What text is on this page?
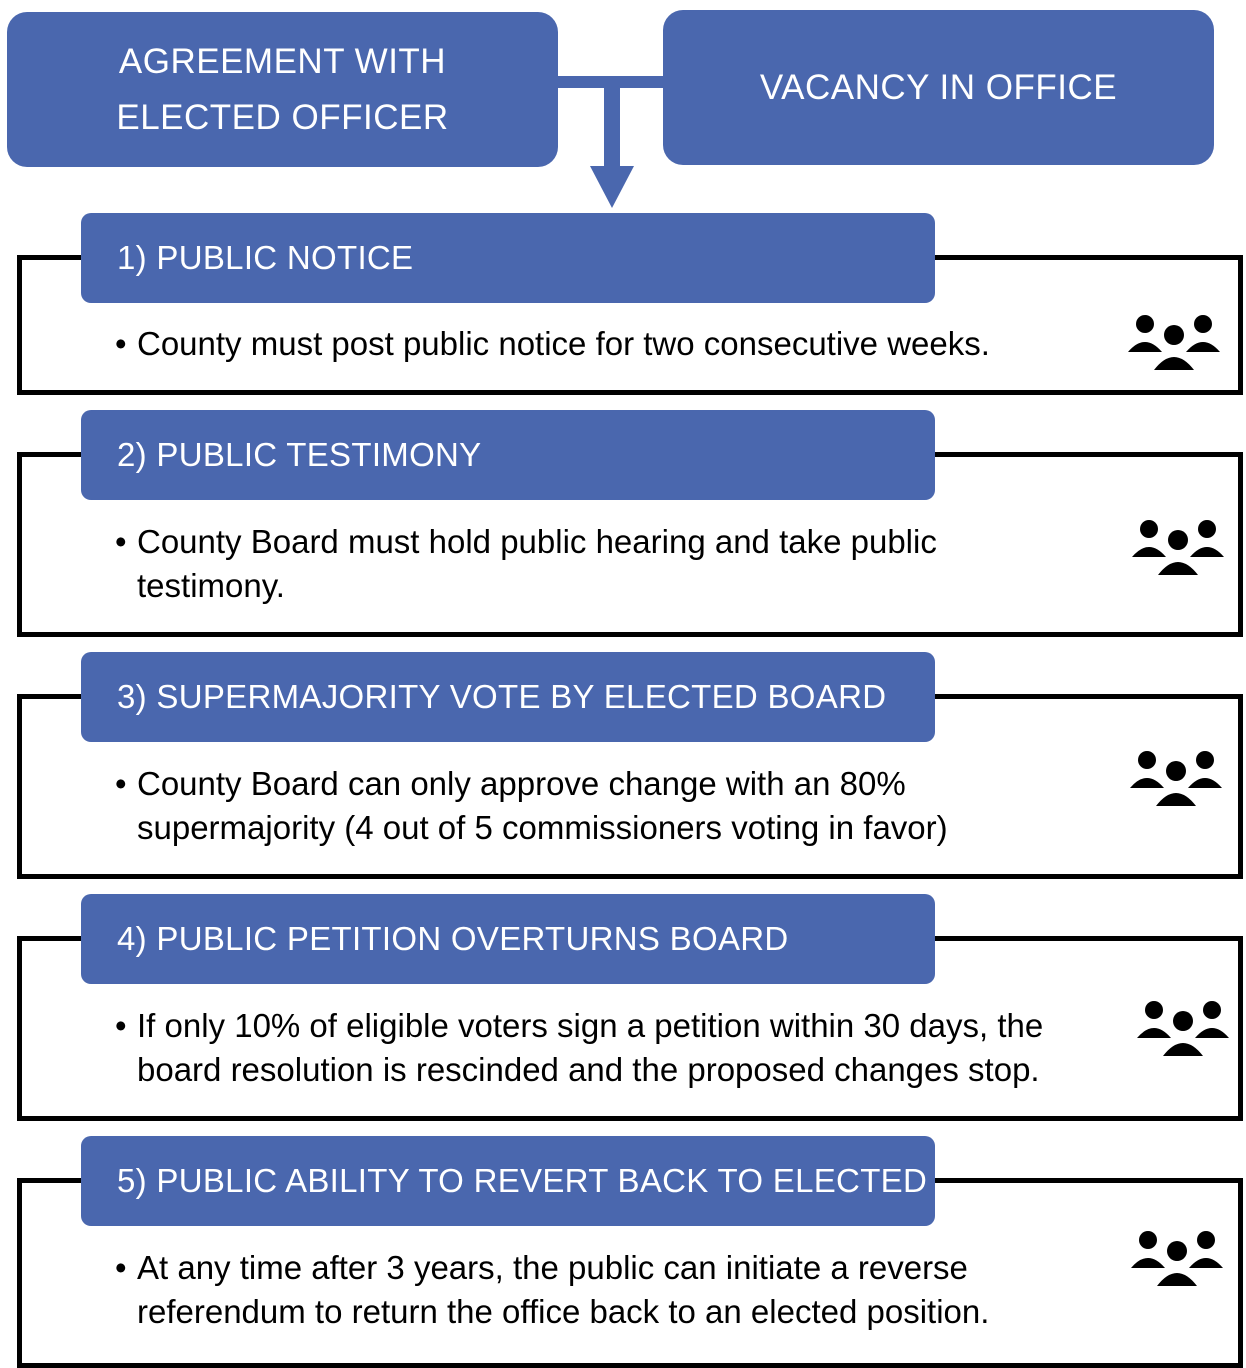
AGREEMENT WITH ELECTED OFFICER
VACANCY IN OFFICE
1) PUBLIC NOTICE
• County must post public notice for two consecutive weeks.
2) PUBLIC TESTIMONY
• County Board must hold public hearing and take public testimony.
3) SUPERMAJORITY VOTE BY ELECTED BOARD
• County Board can only approve change with an 80% supermajority (4 out of 5 commissioners voting in favor)
4) PUBLIC PETITION OVERTURNS BOARD
• If only 10% of eligible voters sign a petition within 30 days, the board resolution is rescinded and the proposed changes stop.
5) PUBLIC ABILITY TO REVERT BACK TO ELECTED
• At any time after 3 years, the public can initiate a reverse referendum to return the office back to an elected position.
